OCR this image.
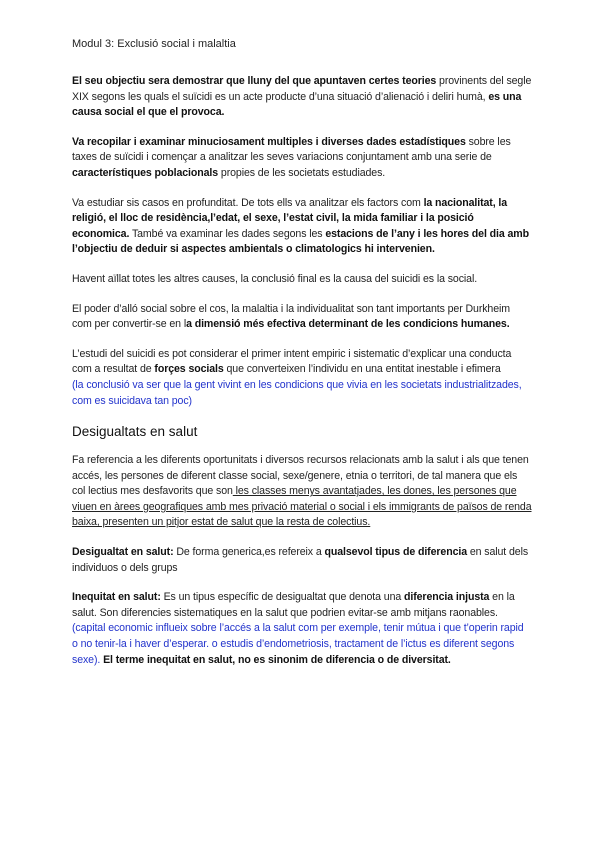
Modul 3: Exclusió social i malaltia

El seu objectiu sera demostrar que lluny del que apuntaven certes teories provinents del segle XIX segons les quals el suïcidi es un acte producte d’una situació d’alienació i deliri humà, es una causa social el que el provoca.

Va recopilar i examinar minuciosament multiples i diverses dades estadístiques sobre les taxes de suïcidi i començar a analitzar les seves variacions conjuntament amb una serie de característiques poblacionals propies de les societats estudiades.

Va estudiar sis casos en profunditat. De tots ells va analitzar els factors com la nacionalitat, la religió, el lloc de residència,l’edat, el sexe, l’estat civil, la mida familiar i la posició economica. També va examinar les dades segons les estacions de l’any i les hores del dia amb l’objectiu de deduir si aspectes ambientals o climatologics hi intervenien.

Havent aïllat totes les altres causes, la conclusió final es la causa del suicidi es la social.

El poder d’alló social sobre el cos, la malaltia i la individualitat son tant importants per Durkheim com per convertir-se en la dimensió més efectiva determinant de les condicions humanes.

L’estudi del suicidi es pot considerar el primer intent empiric i sistematic d’explicar una conducta com a resultat de forçes socials que converteixen l’individu en una entitat inestable i efimera
(la conclusió va ser que la gent vivint en les condicions que vivia en les societats industrialitzades, com es suicidava tan poc)

Desigualtats en salut

Fa referencia a les diferents oportunitats i diversos recursos relacionats amb la salut i als que tenen accés, les persones de diferent classe social, sexe/genere, etnia o territori, de tal manera que els col lectius mes desfavorits que son les classes menys avantatjades, les dones, les persones que viuen en àrees geografiques amb mes privació material o social i els immigrants de països de renda baixa, presenten un pitjor estat de salut que la resta de colectius.

Desigualtat en salut: De forma generica,es refereix a qualsevol tipus de diferencia en salut dels individuos o dels grups

Inequitat en salut: Es un tipus específic de desigualtat que denota una diferencia injusta en la salut. Son diferencies sistematiques en la salut que podrien evitar-se amb mitjans raonables. (capital economic influeix sobre l’accés a la salut com per exemple, tenir mútua i que t’operin rapid o no tenir-la i haver d’esperar. o estudis d’endometriosis, tractament de l’ictus es diferent segons sexe). El terme inequitat en salut, no es sinonim de diferencia o de diversitat.
